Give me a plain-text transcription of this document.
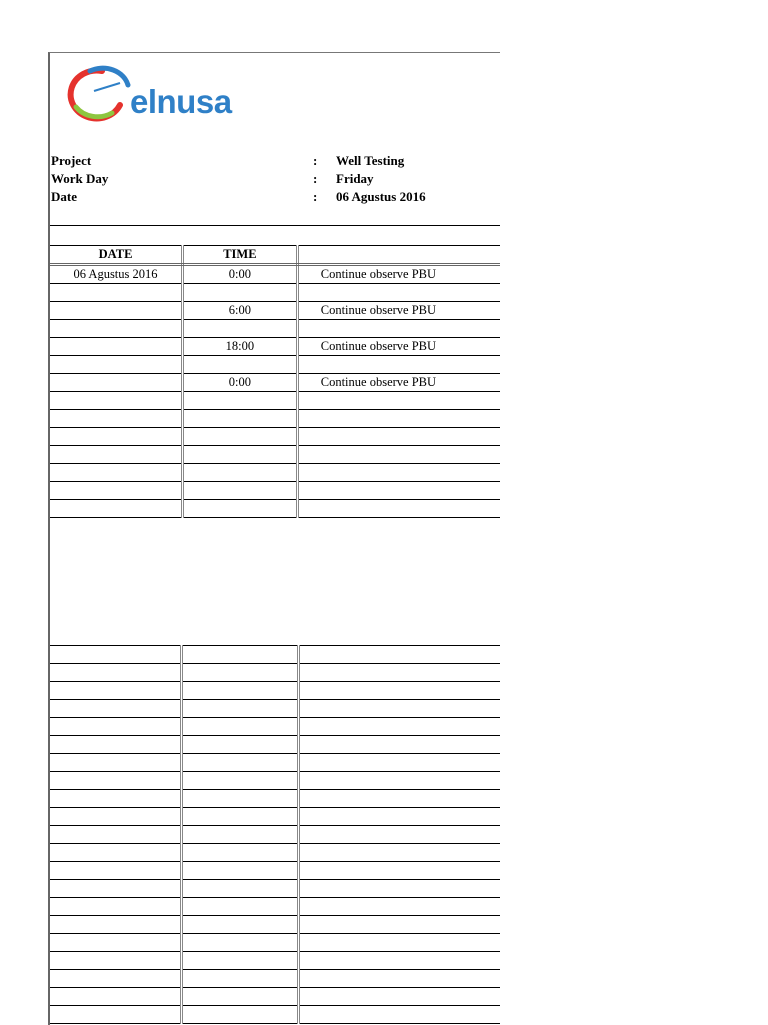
elnusa
Project	: Well Testing
Work Day	: Friday
Date	: 06 Agustus 2016
DATE	TIME	
06 Agustus 2016	0:00	Continue observe PBU

	6:00	Continue observe PBU

	18:00	Continue observe PBU

	0:00	Continue observe PBU
